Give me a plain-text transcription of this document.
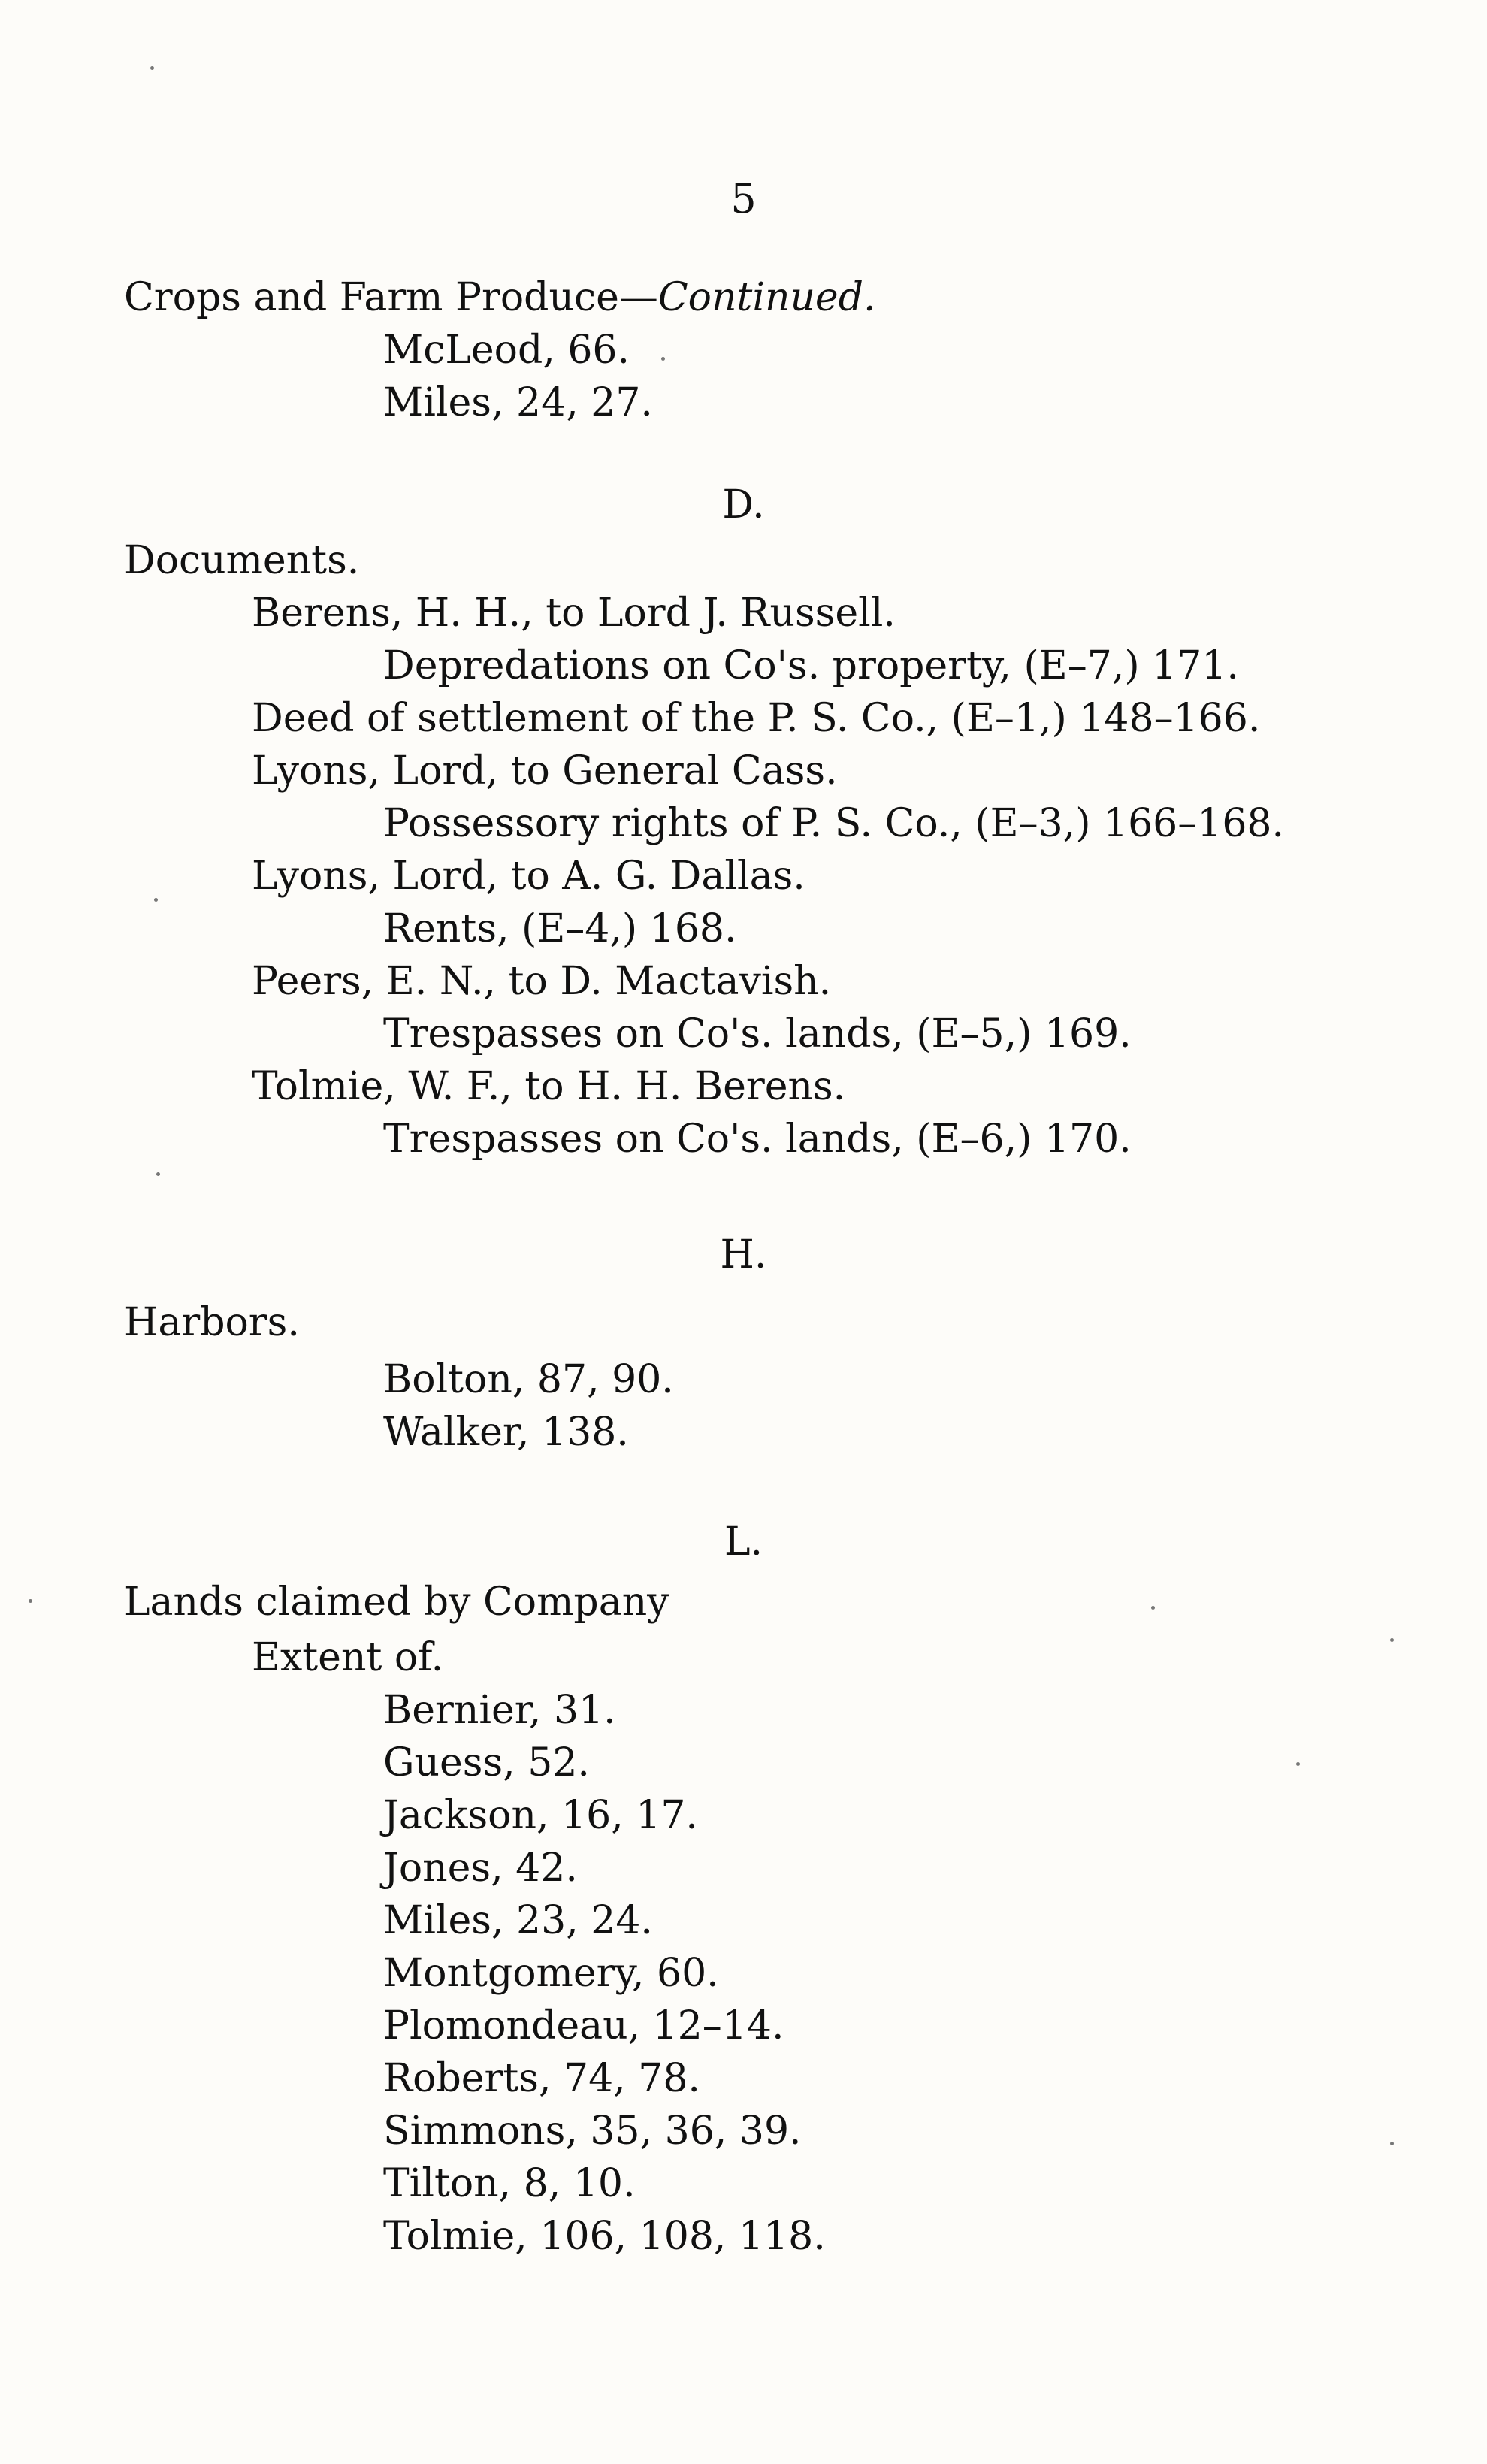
5
Crops and Farm Produce—Continued.
McLeod, 66.
Miles, 24, 27.
D.
Documents.
Berens, H. H., to Lord J. Russell.
Depredations on Co's. property, (E–7,) 171.
Deed of settlement of the P. S. Co., (E–1,) 148–166.
Lyons, Lord, to General Cass.
Possessory rights of P. S. Co., (E–3,) 166–168.
Lyons, Lord, to A. G. Dallas.
Rents, (E–4,) 168.
Peers, E. N., to D. Mactavish.
Trespasses on Co's. lands, (E–5,) 169.
Tolmie, W. F., to H. H. Berens.
Trespasses on Co's. lands, (E–6,) 170.
H.
Harbors.
Bolton, 87, 90.
Walker, 138.
L.
Lands claimed by Company
Extent of.
Bernier, 31.
Guess, 52.
Jackson, 16, 17.
Jones, 42.
Miles, 23, 24.
Montgomery, 60.
Plomondeau, 12–14.
Roberts, 74, 78.
Simmons, 35, 36, 39.
Tilton, 8, 10.
Tolmie, 106, 108, 118.
